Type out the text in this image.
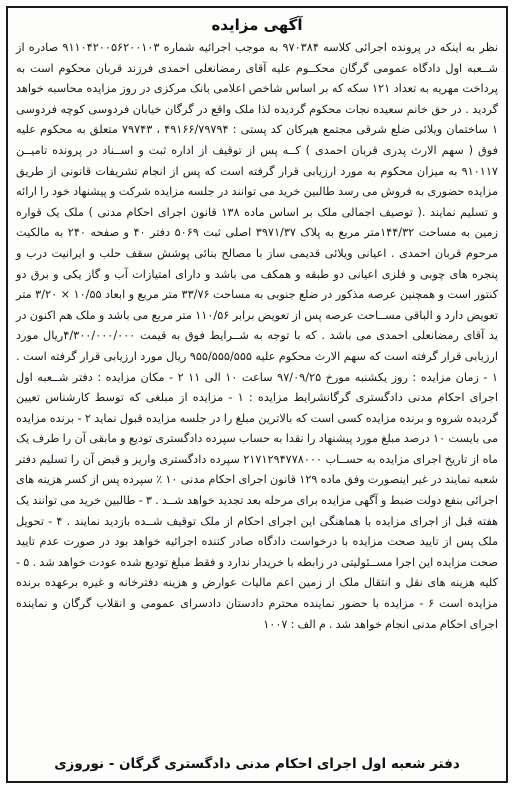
آگهی مزایده
نظر به اینکه در پرونده اجرائی کلاسه ۹۷۰۳۸۴ به موجب اجرائیه شماره ۹۱۱۰۴۲۰۰۵۶۲۰۰۱۰۳ صادره از شــعبه اول دادگاه عمومی گرگان محکــوم علیه آقای رمضانعلی احمدی فرزند قربان محکوم است به پرداخت مهریه به تعداد ۱۲۱ سکه که بر اساس شاخص اعلامی بانک مرکزی در روز مزایده محاسبه خواهد گردید . در حق خانم سعیده نجات محکوم گردیده لذا ملک واقع در گرگان خیابان فردوسی کوچه فردوسی ۱ ساختمان ویلائی ضلع شرقی مجتمع هیرکان کد پستی : ۴۹۱۶۶/۷۹۷۹۴ ، ۷۹۷۴۳ متعلق به محکوم علیه فوق ( سهم الارث پدری قربان احمدی ) کــه پس از توقیف از اداره ثبت و اســناد در پرونده تامیــن ۹۱۰۱۱۷ به میزان محکوم به مورد ارزیابی قرار گرفته است که پس از انجام تشریفات قانونی از طریق مزایده حضوری به فروش می رسد طالبین خرید می توانند در جلسه مزایده شرکت و پیشنهاد خود را ارائه و تسلیم نمایند .( توصیف اجمالی ملک بر اساس ماده ۱۳۸ قانون اجرای احکام مدنی ) ملک یک قواره زمین به مساحت ۱۴۴/۳۲متر مربع به پلاک ۳۹۷۱/۳۷ اصلی ثبت ۵۰۶۹ دفتر ۴۰ و صفحه ۲۴۰ به مالکیت مرحوم قربان احمدی . اعیانی ویلائی قدیمی ساز با مصالح بنائی پوشش سقف حلب و ایرانیت درب و پنجره های چوبی و فلزی اعیانی دو طبقه و همکف می باشد و دارای امتیازات آب و گاز یکی و برق دو کنتور است و همچنین عرصه مذکور در ضلع جنوبی به مساحت ۳۳/۷۶ متر مربع و ابعاد ۱۰/۵۵ × ۳/۲۰ متر تعویض دارد و الباقی مســاحت عرصه پس از تعویض برابر ۱۱۰/۵۶ متر مربع می باشد و ملک هم اکنون در ید آقای رمضانعلی احمدی می باشد . که با توجه به شــرایط فوق به قیمت ۴/۳۰۰/۰۰۰/۰۰۰ریال مورد ارزیابی قرار گرفته است که سهم الارث محکوم علیه ۹۵۵/۵۵۵/۵۵۵ ریال مورد ارزیابی قرار گرفته است . ۱ - زمان مزایده : روز یکشنبه مورخ ۹۷/۰۹/۲۵ ساعت ۱۰ الی ۱۱ ۲ - مکان مزایده : دفتر شــعبه اول اجرای احکام مدنی دادگستری گرگانشرایط مزایده : ۱ - مزایده از مبلغی که توسط کارشناس تعیین گردیده شروه و برنده مزایده کسی است که بالاترین مبلغ را در جلسه مزایده قبول نماید ۲ - برنده مزایده می بایست ۱۰ درصد مبلغ مورد پیشنهاد را نقدا به حساب سپرده دادگستری تودیع و مابقی آن را طرف یک ماه از تاریخ اجرای مزایده به حســاب ۲۱۷۱۲۹۴۷۷۸۰۰۰ سپرده دادگستری واریز و قبض آن را تسلیم دفتر شعبه نمایند در غیر اینصورت وفق ماده ۱۲۹ قانون اجرای احکام مدنی ۱۰ ٪ سپرده پس از کسر هزینه های اجرائی بنفع دولت ضبط و آگهی مزایده برای مرحله بعد تجدید خواهد شــد . ۳ - طالبین خرید می توانند یک هفته قبل از اجرای مزایده با هماهنگی این اجرای احکام از ملک توقیف شــده بازدید نمایند . ۴ - تحویل ملک پس از تایید صحت مزایده با درخواست دادگاه صادر کننده اجرائیه خواهد بود در صورت عدم تایید صحت مزایده این اجرا مســئولیتی در رابطه با خریدار ندارد و فقط مبلغ تودیع شده عودت خواهد شد . ۵ - کلیه هزینه های نقل و انتقال ملک از زمین اعم مالیات عوارض و هزینه دفترخانه و غیره برعهده برنده مزایده است ۶ - مزایده با حضور نماینده محترم دادستان دادسرای عمومی و انقلاب گرگان و نماینده اجرای احکام مدنی انجام خواهد شد . م الف : ۱۰۰۷
دفتر شعبه اول اجرای احکام مدنی دادگستری گرگان - نوروزی
